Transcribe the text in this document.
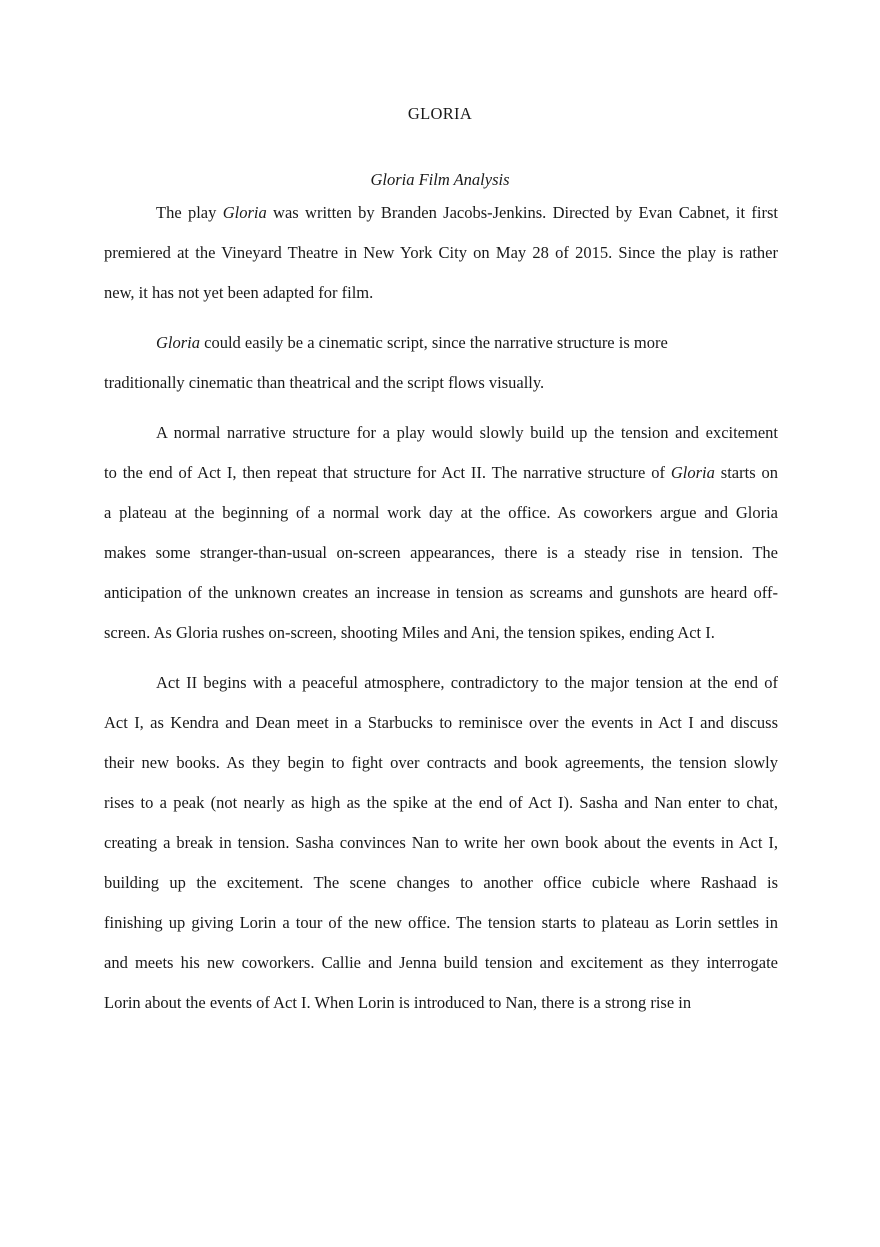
GLORIA
Gloria Film Analysis
The play Gloria was written by Branden Jacobs-Jenkins. Directed by Evan Cabnet, it first
premiered at the Vineyard Theatre in New York City on May 28 of 2015. Since the play is rather
new, it has not yet been adapted for film.
Gloria could easily be a cinematic script, since the narrative structure is more
traditionally cinematic than theatrical and the script flows visually.
A normal narrative structure for a play would slowly build up the tension and excitement
to the end of Act I, then repeat that structure for Act II. The narrative structure of Gloria starts on
a plateau at the beginning of a normal work day at the office. As coworkers argue and Gloria
makes some stranger-than-usual on-screen appearances, there is a steady rise in tension. The
anticipation of the unknown creates an increase in tension as screams and gunshots are heard off-
screen. As Gloria rushes on-screen, shooting Miles and Ani, the tension spikes, ending Act I.
Act II begins with a peaceful atmosphere, contradictory to the major tension at the end of
Act I, as Kendra and Dean meet in a Starbucks to reminisce over the events in Act I and discuss
their new books. As they begin to fight over contracts and book agreements, the tension slowly
rises to a peak (not nearly as high as the spike at the end of Act I). Sasha and Nan enter to chat,
creating a break in tension. Sasha convinces Nan to write her own book about the events in Act I,
building up the excitement. The scene changes to another office cubicle where Rashaad is
finishing up giving Lorin a tour of the new office. The tension starts to plateau as Lorin settles in
and meets his new coworkers. Callie and Jenna build tension and excitement as they interrogate
Lorin about the events of Act I. When Lorin is introduced to Nan, there is a strong rise in
